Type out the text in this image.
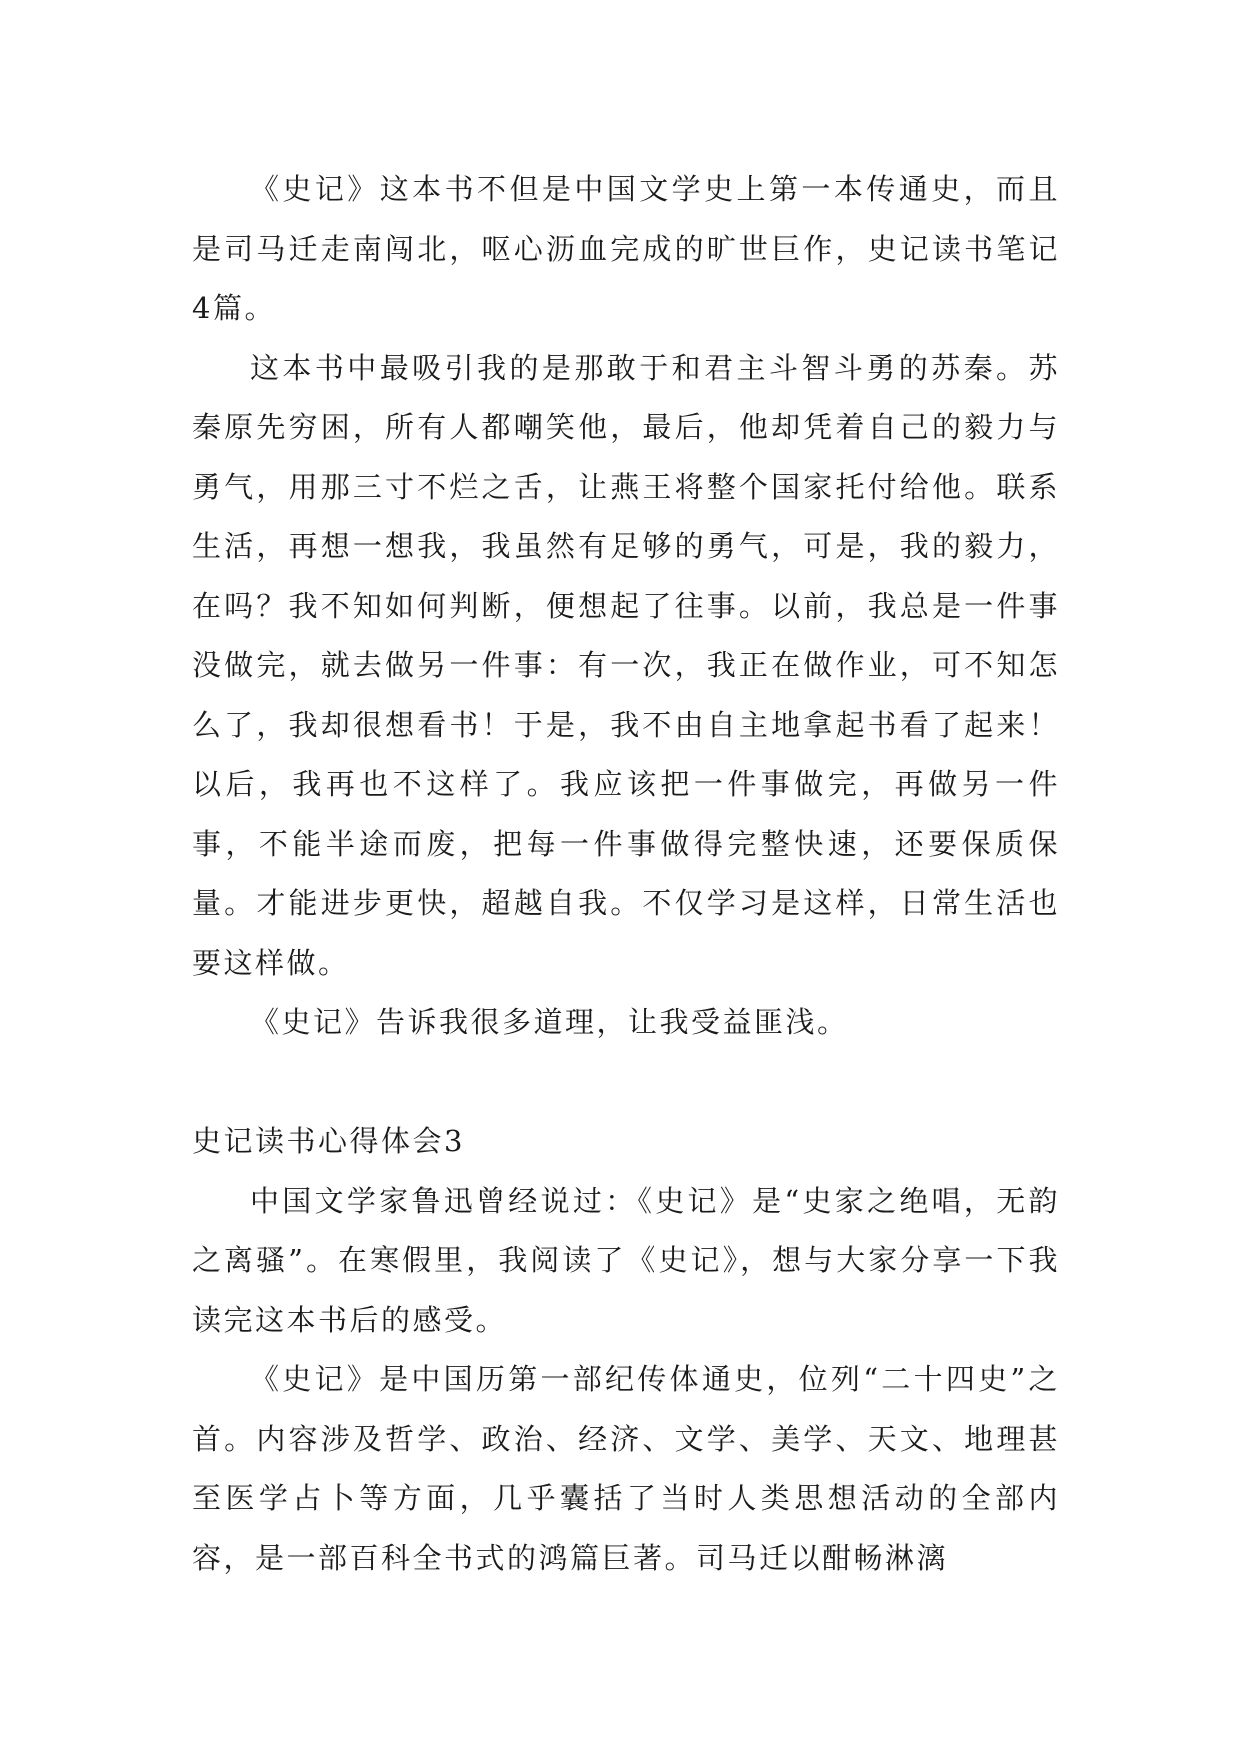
《史记》这本书不但是中国文学史上第一本传通史，而且是司马迁走南闯北，呕心沥血完成的旷世巨作，史记读书笔记4篇。

这本书中最吸引我的是那敢于和君主斗智斗勇的苏秦。苏秦原先穷困，所有人都嘲笑他，最后，他却凭着自己的毅力与勇气，用那三寸不烂之舌，让燕王将整个国家托付给他。联系生活，再想一想我，我虽然有足够的勇气，可是，我的毅力，在吗？我不知如何判断，便想起了往事。以前，我总是一件事没做完，就去做另一件事：有一次，我正在做作业，可不知怎么了，我却很想看书！于是，我不由自主地拿起书看了起来！以后，我再也不这样了。我应该把一件事做完，再做另一件事，不能半途而废，把每一件事做得完整快速，还要保质保量。才能进步更快，超越自我。不仅学习是这样，日常生活也要这样做。

《史记》告诉我很多道理，让我受益匪浅。

史记读书心得体会3

中国文学家鲁迅曾经说过：《史记》是“史家之绝唱，无韵之离骚”。在寒假里，我阅读了《史记》，想与大家分享一下我读完这本书后的感受。

《史记》是中国历第一部纪传体通史，位列“二十四史”之首。内容涉及哲学、政治、经济、文学、美学、天文、地理甚至医学占卜等方面，几乎囊括了当时人类思想活动的全部内容，是一部百科全书式的鸿篇巨著。司马迁以酣畅淋漓
